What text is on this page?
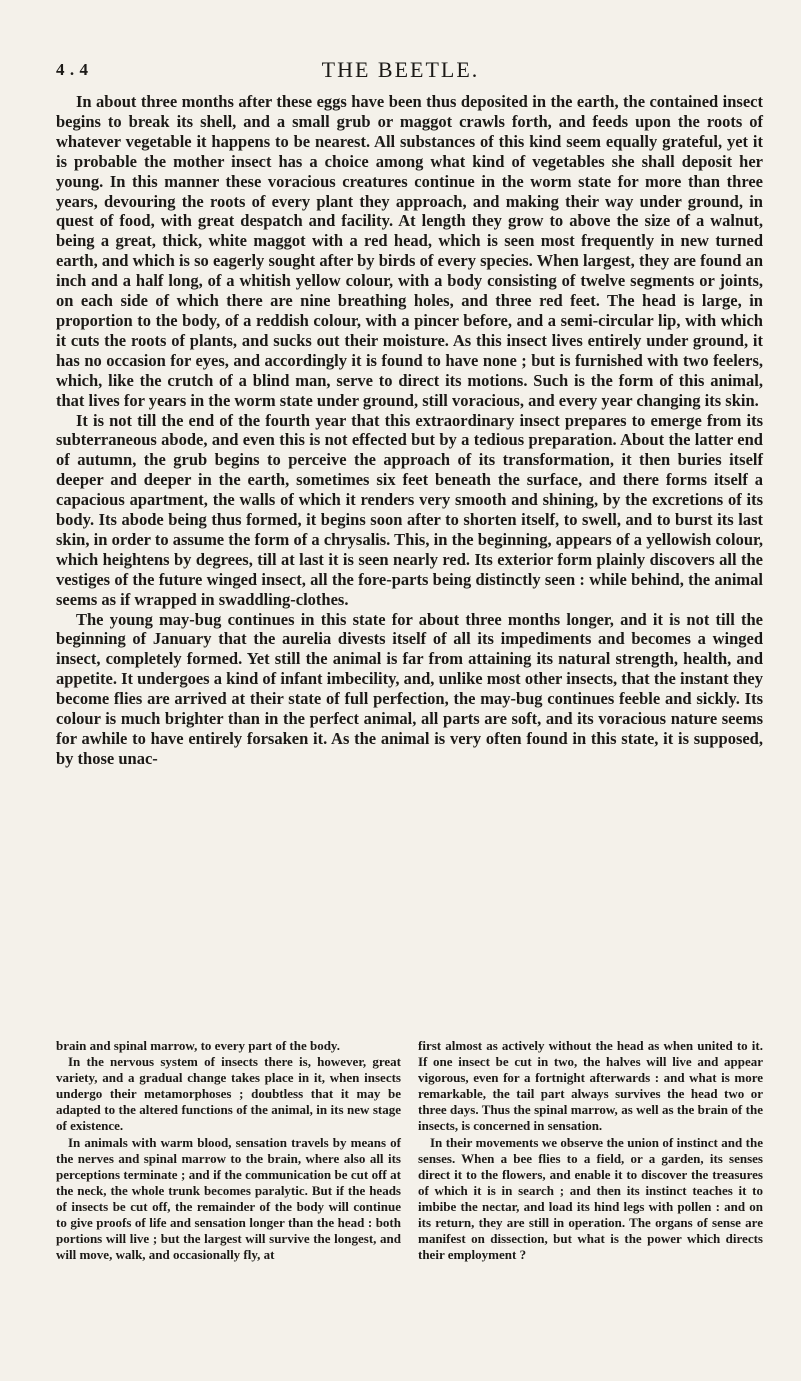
4 . 4	THE BEETLE.

In about three months after these eggs have been thus deposited in the earth, the contained insect begins to break its shell, and a small grub or maggot crawls forth, and feeds upon the roots of whatever vegetable it happens to be nearest. All substances of this kind seem equally grateful, yet it is probable the mother insect has a choice among what kind of vegetables she shall deposit her young. In this manner these voracious creatures continue in the worm state for more than three years, devouring the roots of every plant they approach, and making their way under ground, in quest of food, with great despatch and facility. At length they grow to above the size of a walnut, being a great, thick, white maggot with a red head, which is seen most frequently in new turned earth, and which is so eagerly sought after by birds of every species. When largest, they are found an inch and a half long, of a whitish yellow colour, with a body consisting of twelve segments or joints, on each side of which there are nine breathing holes, and three red feet. The head is large, in proportion to the body, of a reddish colour, with a pincer before, and a semi-circular lip, with which it cuts the roots of plants, and sucks out their moisture. As this insect lives entirely under ground, it has no occasion for eyes, and accordingly it is found to have none ; but is furnished with two feelers, which, like the crutch of a blind man, serve to direct its motions. Such is the form of this animal, that lives for years in the worm state under ground, still voracious, and every year changing its skin.

It is not till the end of the fourth year that this extraordinary insect prepares to emerge from its subterraneous abode, and even this is not effected but by a tedious preparation. About the latter end of autumn, the grub begins to perceive the approach of its transformation, it then buries itself deeper and deeper in the earth, sometimes six feet beneath the surface, and there forms itself a capacious apartment, the walls of which it renders very smooth and shining, by the excretions of its body. Its abode being thus formed, it begins soon after to shorten itself, to swell, and to burst its last skin, in order to assume the form of a chrysalis. This, in the beginning, appears of a yellowish colour, which heightens by degrees, till at last it is seen nearly red. Its exterior form plainly discovers all the vestiges of the future winged insect, all the fore-parts being distinctly seen : while behind, the animal seems as if wrapped in swaddling-clothes.

The young may-bug continues in this state for about three months longer, and it is not till the beginning of January that the aurelia divests itself of all its impediments and becomes a winged insect, completely formed. Yet still the animal is far from attaining its natural strength, health, and appetite. It undergoes a kind of infant imbecility, and, unlike most other insects, that the instant they become flies are arrived at their state of full perfection, the may-bug continues feeble and sickly. Its colour is much brighter than in the perfect animal, all parts are soft, and its voracious nature seems for awhile to have entirely forsaken it. As the animal is very often found in this state, it is supposed, by those unac-

brain and spinal marrow, to every part of the body.

In the nervous system of insects there is, however, great variety, and a gradual change takes place in it, when insects undergo their metamorphoses ; doubtless that it may be adapted to the altered functions of the animal, in its new stage of existence.

In animals with warm blood, sensation travels by means of the nerves and spinal marrow to the brain, where also all its perceptions terminate ; and if the communication be cut off at the neck, the whole trunk becomes paralytic. But if the heads of insects be cut off, the remainder of the body will continue to give proofs of life and sensation longer than the head : both portions will live ; but the largest will survive the longest, and will move, walk, and occasionally fly, at

first almost as actively without the head as when united to it. If one insect be cut in two, the halves will live and appear vigorous, even for a fortnight afterwards : and what is more remarkable, the tail part always survives the head two or three days. Thus the spinal marrow, as well as the brain of the insects, is concerned in sensation.

In their movements we observe the union of instinct and the senses. When a bee flies to a field, or a garden, its senses direct it to the flowers, and enable it to discover the treasures of which it is in search ; and then its instinct teaches it to imbibe the nectar, and load its hind legs with pollen : and on its return, they are still in operation. The organs of sense are manifest on dissection, but what is the power which directs their employment ?
